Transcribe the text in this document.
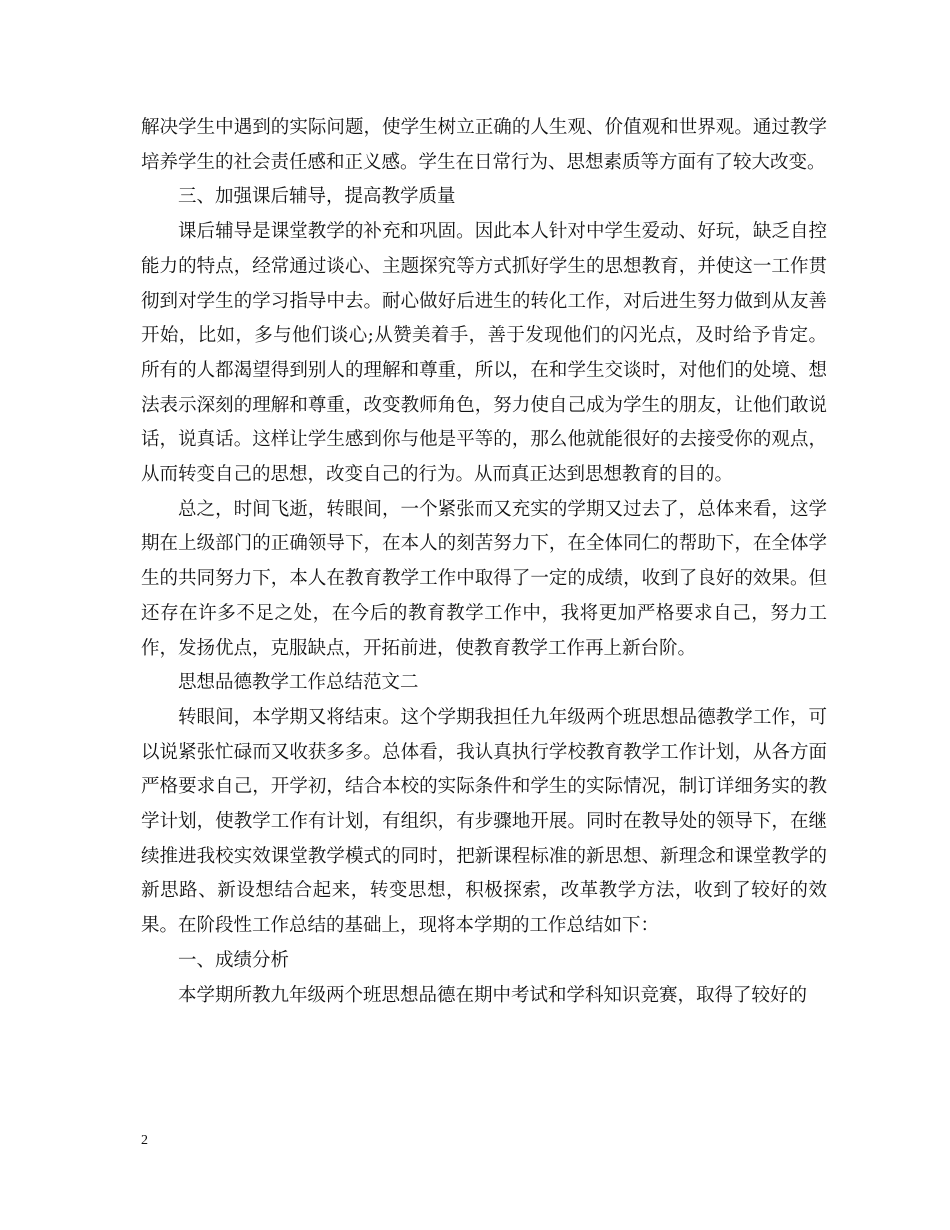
解决学生中遇到的实际问题，使学生树立正确的人生观、价值观和世界观。通过教学培养学生的社会责任感和正义感。学生在日常行为、思想素质等方面有了较大改变。

三、加强课后辅导，提高教学质量

课后辅导是课堂教学的补充和巩固。因此本人针对中学生爱动、好玩，缺乏自控能力的特点，经常通过谈心、主题探究等方式抓好学生的思想教育，并使这一工作贯彻到对学生的学习指导中去。耐心做好后进生的转化工作，对后进生努力做到从友善开始，比如，多与他们谈心;从赞美着手，善于发现他们的闪光点，及时给予肯定。所有的人都渴望得到别人的理解和尊重，所以，在和学生交谈时，对他们的处境、想法表示深刻的理解和尊重，改变教师角色，努力使自己成为学生的朋友，让他们敢说话，说真话。这样让学生感到你与他是平等的，那么他就能很好的去接受你的观点，从而转变自己的思想，改变自己的行为。从而真正达到思想教育的目的。

总之，时间飞逝，转眼间，一个紧张而又充实的学期又过去了，总体来看，这学期在上级部门的正确领导下，在本人的刻苦努力下，在全体同仁的帮助下，在全体学生的共同努力下，本人在教育教学工作中取得了一定的成绩，收到了良好的效果。但还存在许多不足之处，在今后的教育教学工作中，我将更加严格要求自己，努力工作，发扬优点，克服缺点，开拓前进，使教育教学工作再上新台阶。

思想品德教学工作总结范文二

转眼间，本学期又将结束。这个学期我担任九年级两个班思想品德教学工作，可以说紧张忙碌而又收获多多。总体看，我认真执行学校教育教学工作计划，从各方面严格要求自己，开学初，结合本校的实际条件和学生的实际情况，制订详细务实的教学计划，使教学工作有计划，有组织，有步骤地开展。同时在教导处的领导下，在继续推进我校实效课堂教学模式的同时，把新课程标准的新思想、新理念和课堂教学的新思路、新设想结合起来，转变思想，积极探索，改革教学方法，收到了较好的效果。在阶段性工作总结的基础上，现将本学期的工作总结如下：

一、成绩分析

本学期所教九年级两个班思想品德在期中考试和学科知识竞赛，取得了较好的

2
